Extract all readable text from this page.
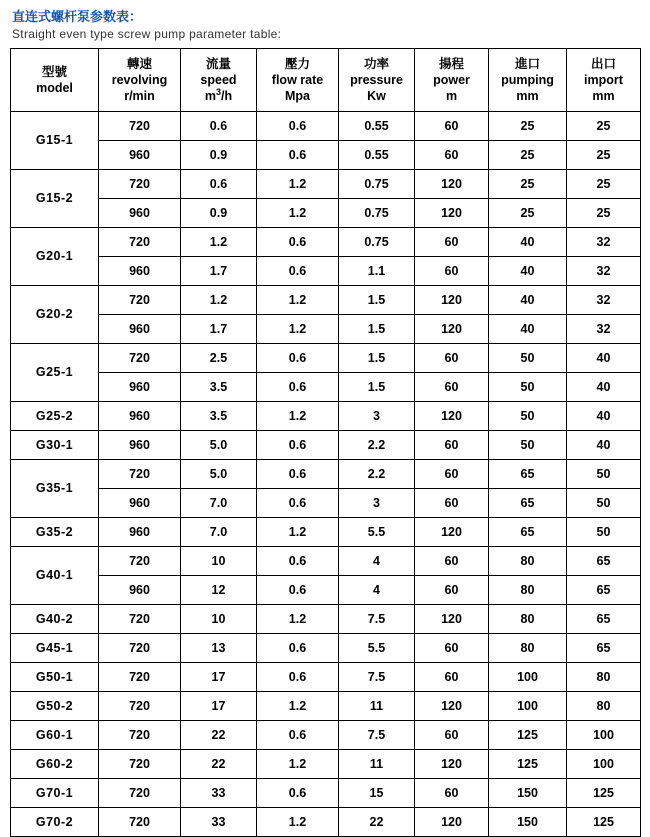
直连式螺杆泵参数表：
Straight even type screw pump parameter table:
型號
model	轉速
revolving
r/min	流量
speed
$m^3/h$	壓力
flow rate
Mpa	功率
pressure
Kw	揚程
power
m	進口
pumping
mm	出口
import
mm

G15-1	720	0.6	0.6	0.55	60	25	25
	960	0.9	0.6	0.55	60	25	25
G15-2	720	0.6	1.2	0.75	120	25	25
	960	0.9	1.2	0.75	120	25	25
G20-1	720	1.2	0.6	0.75	60	40	32
	960	1.7	0.6	1.1	60	40	32
G20-2	720	1.2	1.2	1.5	120	40	32
	960	1.7	1.2	1.5	120	40	32
G25-1	720	2.5	0.6	1.5	60	50	40
	960	3.5	0.6	1.5	60	50	40
G25-2	960	3.5	1.2	3	120	50	40
G30-1	960	5.0	0.6	2.2	60	50	40
G35-1	720	5.0	0.6	2.2	60	65	50
	960	7.0	0.6	3	60	65	50
G35-2	960	7.0	1.2	5.5	120	65	50
G40-1	720	10	0.6	4	60	80	65
	960	12	0.6	4	60	80	65
G40-2	720	10	1.2	7.5	120	80	65
G45-1	720	13	0.6	5.5	60	80	65
G50-1	720	17	0.6	7.5	60	100	80
G50-2	720	17	1.2	11	120	100	80
G60-1	720	22	0.6	7.5	60	125	100
G60-2	720	22	1.2	11	120	125	100
G70-1	720	33	0.6	15	60	150	125
G70-2	720	33	1.2	22	120	150	125
